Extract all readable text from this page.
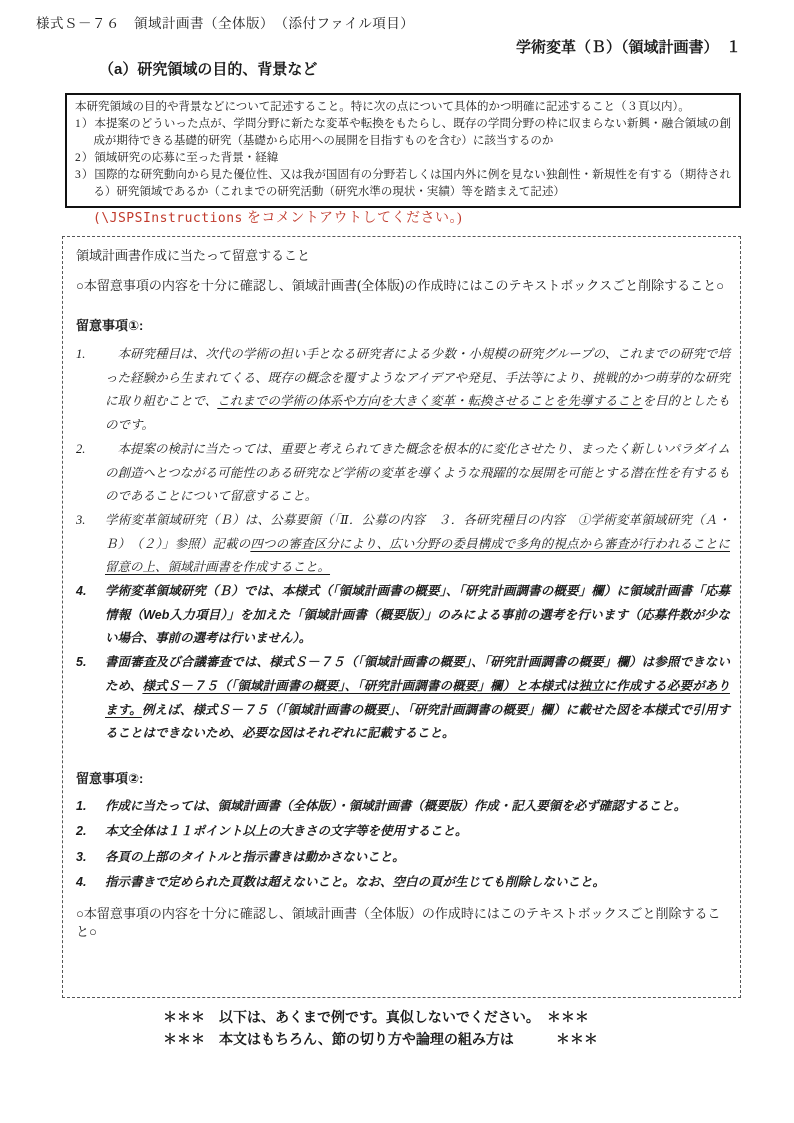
様式Ｓ－７６　領域計画書（全体版）　（添付ファイル項目）
学術変革（Ｂ）（領域計画書）　１
（a）研究領域の目的、背景など
本研究領域の目的や背景などについて記述すること。特に次の点について具体的かつ明確に記述すること（３頁以内）。
1）本提案のどういった点が、学問分野に新たな変革や転換をもたらし、既存の学問分野の枠に収まらない新興・融合領域の創成が期待できる基礎的研究（基礎から応用への展開を目指すものを含む）に該当するのか
2）領域研究の応募に至った背景・経緯
3）国際的な研究動向から見た優位性、又は我が国固有の分野若しくは国内外に例を見ない独創性・新規性を有する（期待される）研究領域であるか（これまでの研究活動（研究水準の現状・実績）等を踏まえて記述）
(\JSPSInstructions をコメントアウトしてください。)
領域計画書作成に当たって留意すること
○本留意事項の内容を十分に確認し、領域計画書(全体版)の作成時にはこのテキストボックスごと削除すること○
留意事項①:
1.	　本研究種目は、次代の学術の担い手となる研究者による少数・小規模の研究グループの、これまでの研究で培った経験から生まれてくる、既存の概念を覆すようなアイデアや発見、手法等により、挑戦的かつ萌芽的な研究に取り組むことで、これまでの学術の体系や方向を大きく変革・転換させることを先導することを目的としたものです。
2.	　本提案の検討に当たっては、重要と考えられてきた概念を根本的に変化させたり、まったく新しいパラダイムの創造へとつながる可能性のある研究など学術の変革を導くような飛躍的な展開を可能とする潜在性を有するものであることについて留意すること。
3.	学術変革領域研究（Ｂ）は、公募要領（「Ⅱ．公募の内容　３．各研究種目の内容　①学術変革領域研究（Ａ・Ｂ）　（２）」参照）記載の四つの審査区分により、広い分野の委員構成で多角的視点から審査が行われることに留意の上、領域計画書を作成すること。
4.	学術変革領域研究（Ｂ）では、本様式（「領域計画書の概要」、「研究計画調書の概要」欄）に領域計画書「応募情報（Web入力項目）」を加えた「領域計画書（概要版）」のみによる事前の選考を行います（応募件数が少ない場合、事前の選考は行いません）。
5.	書面審査及び合議審査では、様式Ｓ－７５（「領域計画書の概要」、「研究計画調書の概要」欄）は参照できないため、様式Ｓ－７５（「領域計画書の概要」、「研究計画調書の概要」欄）と本様式は独立に作成する必要があります。例えば、様式Ｓ－７５（「領域計画書の概要」、「研究計画調書の概要」欄）に載せた図を本様式で引用することはできないため、必要な図はそれぞれに記載すること。
留意事項②:
1.	作成に当たっては、領域計画書（全体版）・領域計画書（概要版）作成・記入要領を必ず確認すること。
2.	本文全体は１１ポイント以上の大きさの文字等を使用すること。
3.	各頁の上部のタイトルと指示書きは動かさないこと。
4.	指示書きで定められた頁数は超えないこと。なお、空白の頁が生じても削除しないこと。
○本留意事項の内容を十分に確認し、領域計画書（全体版）の作成時にはこのテキストボックスごと削除すること○
＊＊＊　以下は、あくまで例です。真似しないでください。　＊＊＊
＊＊＊　本文はもちろん、節の切り方や論理の組み方は　　　＊＊＊
